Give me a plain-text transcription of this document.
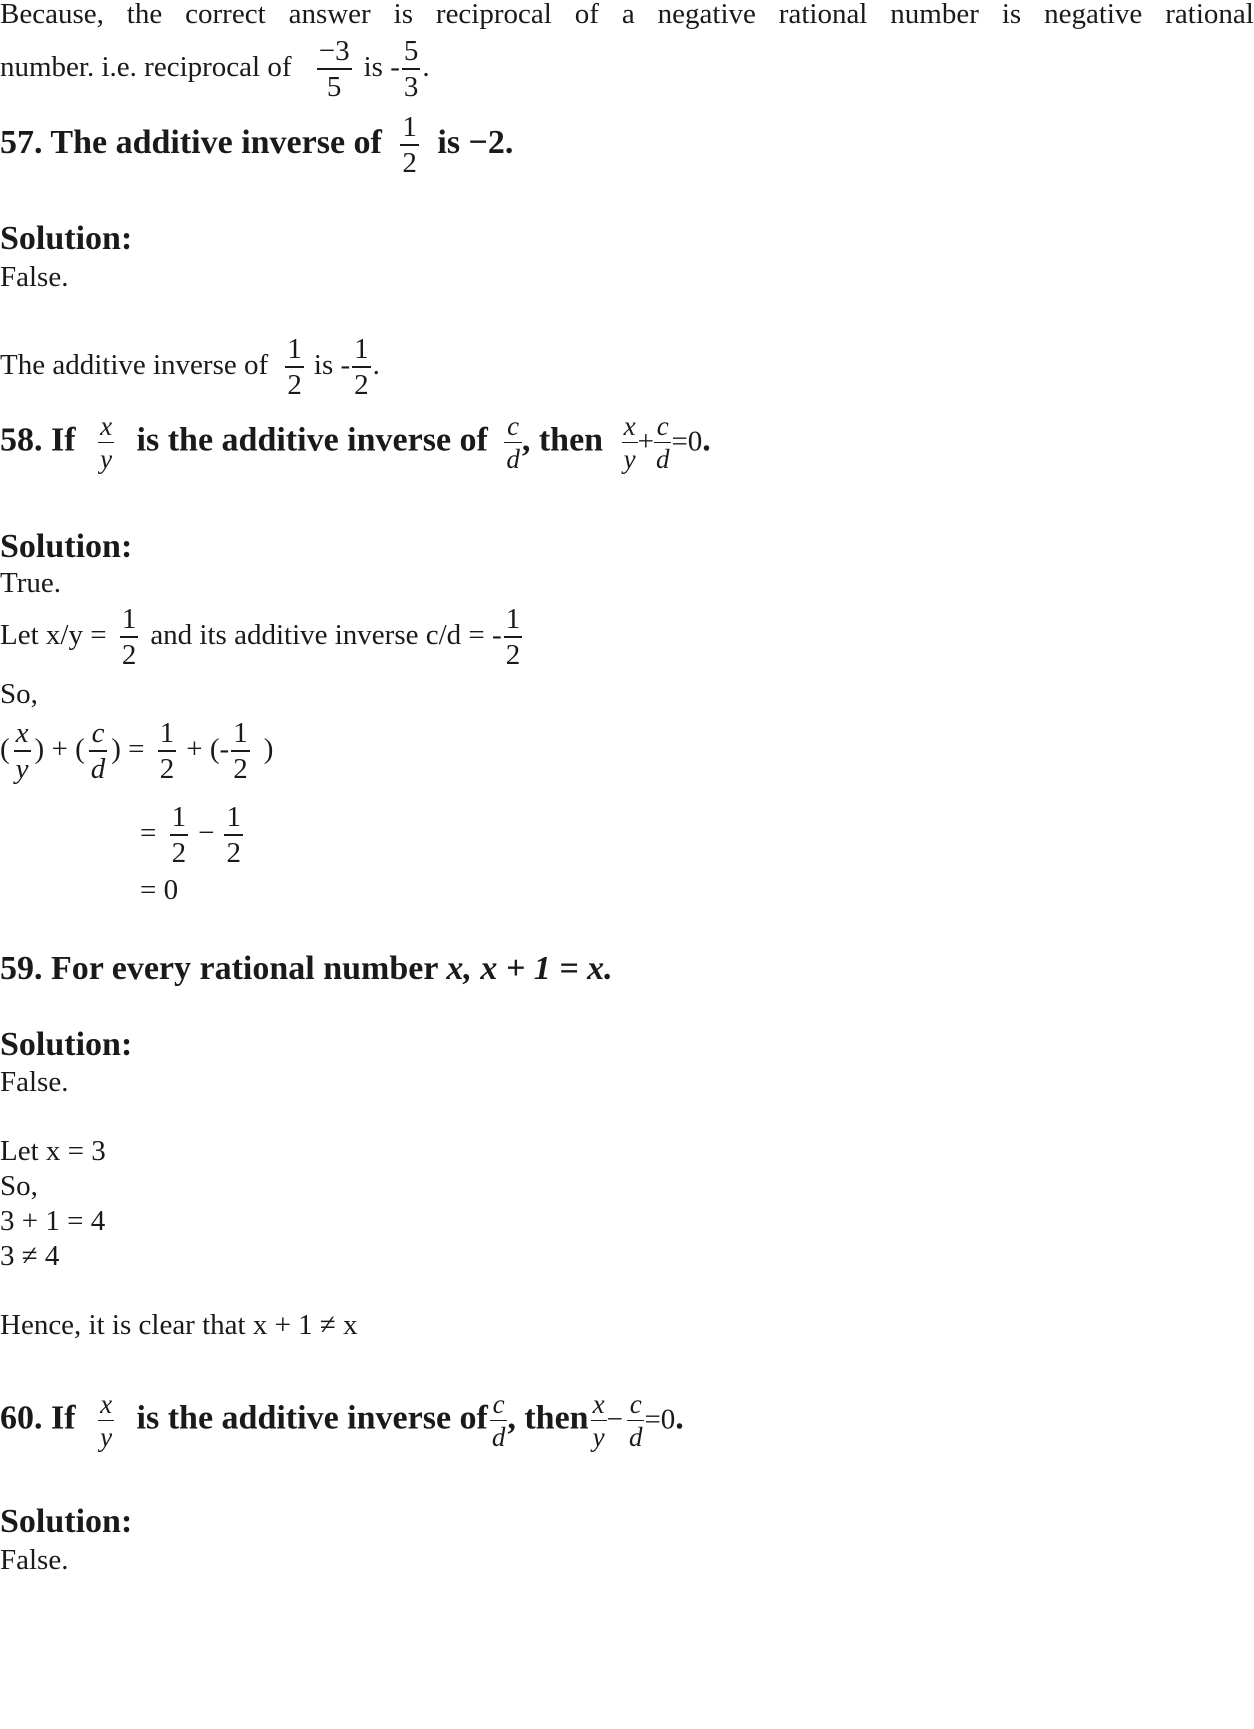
Because, the correct answer is reciprocal of a negative rational number is negative rational
number. i.e. reciprocal of $\frac{-3}{5}$ is - $\frac{5}{3}$ .
57. The additive inverse of $\frac{1}{2}$ is −2.
Solution:
False.
The additive inverse of $\frac{1}{2}$ is - $\frac{1}{2}$ .
58. If $\frac{x}{y}$ is the additive inverse of $\frac{c}{d}$ , then $\frac{x}{y} + \frac{c}{d} =0$.
Solution:
True.
Let $x/y = \frac{1}{2}$ and its additive inverse c/d = - $\frac{1}{2}$
So,
( $\frac{x}{y}$ ) + ( $\frac{c}{d}$ ) = $\frac{1}{2}$ + (- $\frac{1}{2}$ )
= $\frac{1}{2} - \frac{1}{2}$
= 0
59. For every rational number x, x + 1 = x.
Solution:
False.
Let x = 3
So,
3 + 1 = 4
3 ≠ 4
Hence, it is clear that x + 1 ≠ x
60. If $\frac{x}{y}$ is the additive inverse of $\frac{c}{d}$ , then $\frac{x}{y} - \frac{c}{d} =0$.
Solution:
False.
